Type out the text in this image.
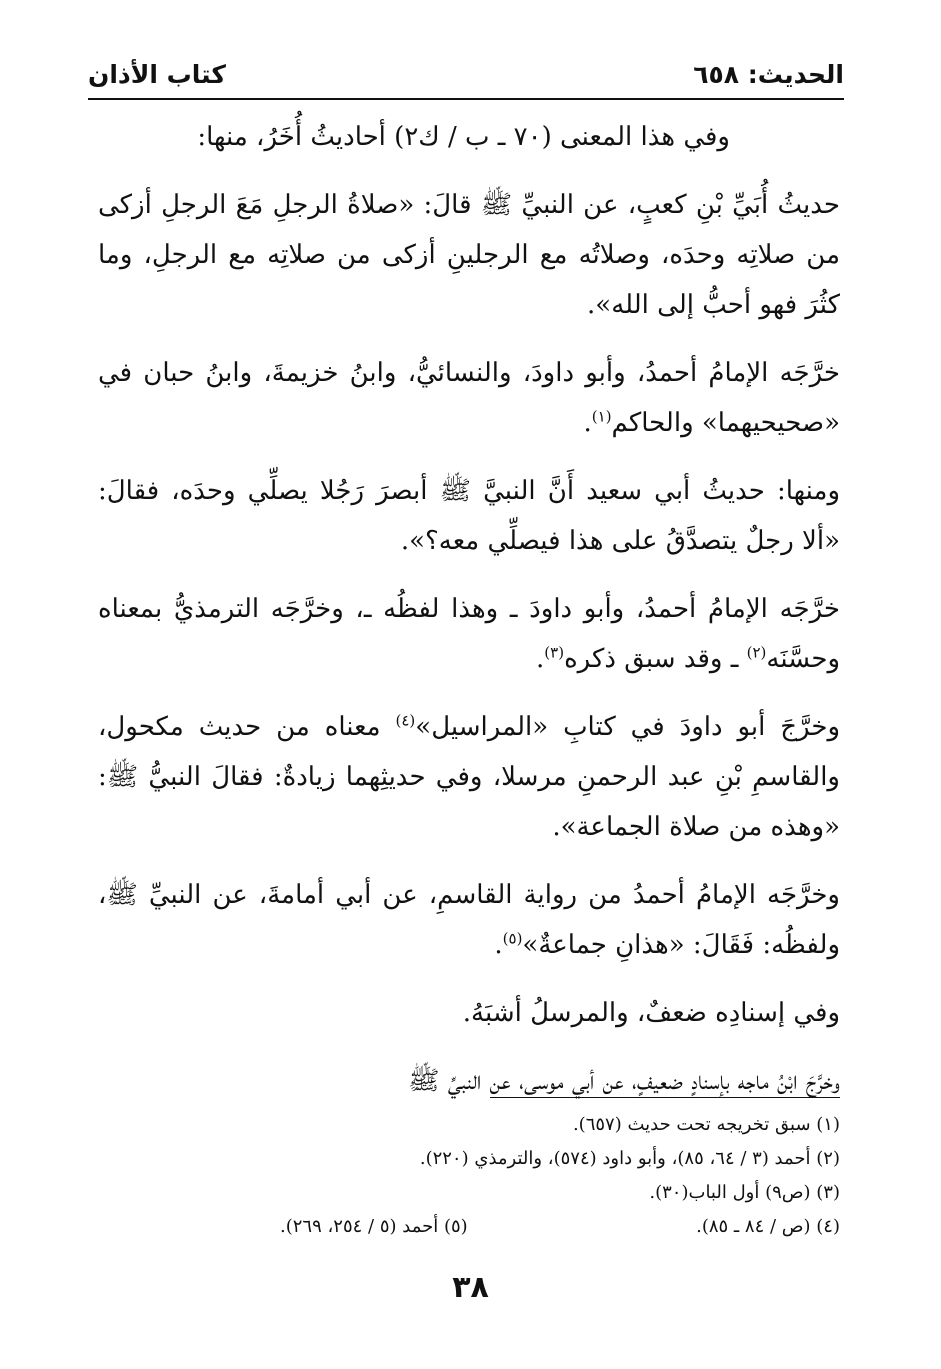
الحديث: ٦٥٨
كتاب الأذان

وفي هذا المعنى (٧٠ ـ ب / ك٢) أحاديثُ أُخَرُ، منها:

حديثُ أُبَيِّ بْنِ كعبٍ، عن النبيِّ ﷺ قالَ: «صلاةُ الرجلِ مَعَ الرجلِ أزكى من صلاتِه وحدَه، وصلاتُه مع الرجلينِ أزكى من صلاتِه مع الرجلِ، وما كثُرَ فهو أحبُّ إلى الله».

خرَّجَه الإمامُ أحمدُ، وأبو داودَ، والنسائيُّ، وابنُ خزيمةَ، وابنُ حبان في «صحيحيهما» والحاكم$^{(١)}$.

ومنها: حديثُ أبي سعيد أَنَّ النبيَّ ﷺ أبصرَ رَجُلا يصلِّي وحدَه، فقالَ: «ألا رجلٌ يتصدَّقُ على هذا فيصلِّي معه؟».

خرَّجَه الإمامُ أحمدُ، وأبو داودَ ـ وهذا لفظُه ـ، وخرَّجَه الترمذيُّ بمعناه وحسَّنَه$^{(٢)}$ ـ وقد سبق ذكره$^{(٣)}$.

وخرَّجَ أبو داودَ في كتابِ «المراسيل»$^{(٤)}$ معناه من حديث مكحول، والقاسمِ بْنِ عبد الرحمنِ مرسلا، وفي حديثِهما زيادةٌ: فقالَ النبيُّ ﷺ: «وهذه من صلاة الجماعة».

وخرَّجَه الإمامُ أحمدُ من رواية القاسمِ، عن أبي أمامةَ، عن النبيِّ ﷺ، ولفظُه: فَقَالَ: «هذانِ جماعةٌ»$^{(٥)}$.

وفي إسنادِه ضعفٌ، والمرسلُ أشبَهُ.

وخرَّجَ ابْنُ ماجه بإسنادٍ ضعيفٍ، عن أبي موسى، عن النبيِّ ﷺ

(١) سبق تخريجه تحت حديث (٦٥٧).
(٢) أحمد (٣ / ٦٤، ٨٥)، وأبو داود (٥٧٤)، والترمذي (٢٢٠).
(٣) (ص٩) أول الباب(٣٠).
(٤) (ص / ٨٤ ـ ٨٥).
(٥) أحمد (٥ / ٢٥٤، ٢٦٩).
٣٨
